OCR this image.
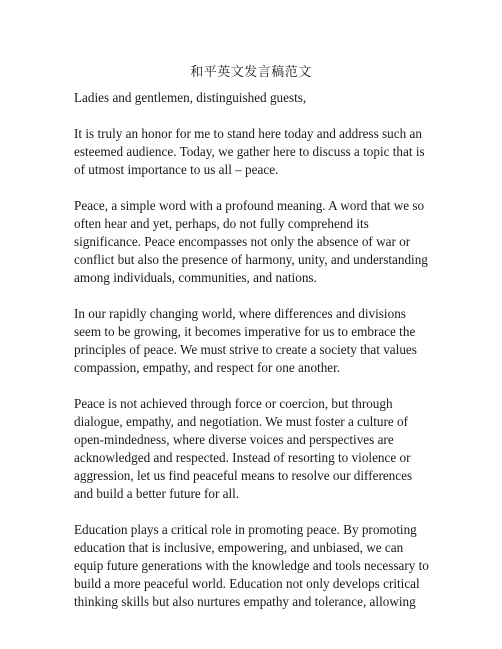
和平英文发言稿范文

Ladies and gentlemen, distinguished guests,

It is truly an honor for me to stand here today and address such an esteemed audience. Today, we gather here to discuss a topic that is of utmost importance to us all – peace.

Peace, a simple word with a profound meaning. A word that we so often hear and yet, perhaps, do not fully comprehend its significance. Peace encompasses not only the absence of war or conflict but also the presence of harmony, unity, and understanding among individuals, communities, and nations.

In our rapidly changing world, where differences and divisions seem to be growing, it becomes imperative for us to embrace the principles of peace. We must strive to create a society that values compassion, empathy, and respect for one another.

Peace is not achieved through force or coercion, but through dialogue, empathy, and negotiation. We must foster a culture of open-mindedness, where diverse voices and perspectives are acknowledged and respected. Instead of resorting to violence or aggression, let us find peaceful means to resolve our differences and build a better future for all.

Education plays a critical role in promoting peace. By promoting education that is inclusive, empowering, and unbiased, we can equip future generations with the knowledge and tools necessary to build a more peaceful world. Education not only develops critical thinking skills but also nurtures empathy and tolerance, allowing
